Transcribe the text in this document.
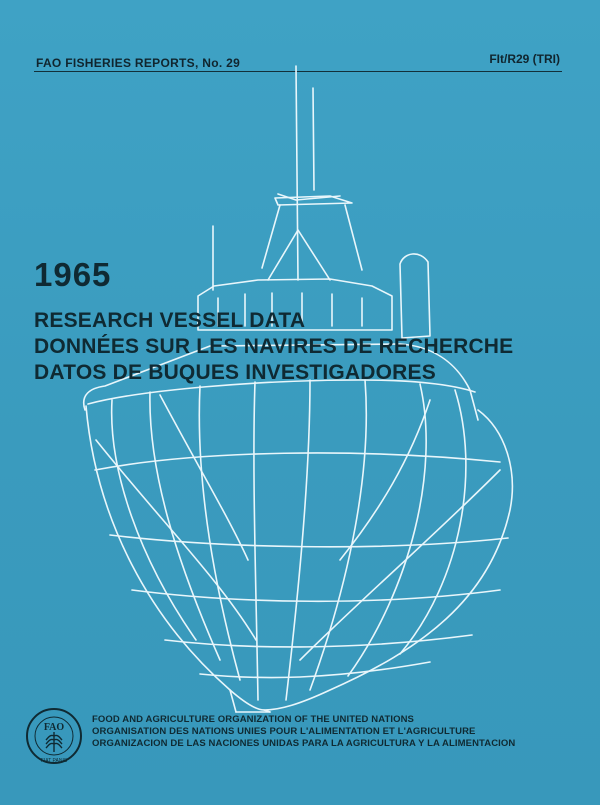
FAO FISHERIES REPORTS, No. 29	FIt/R29 (TRI)
1965
RESEARCH VESSEL DATA
DONNÉES SUR LES NAVIRES DE RECHERCHE
DATOS DE BUQUES INVESTIGADORES
FAO
FIAT PANIS
FOOD AND AGRICULTURE ORGANIZATION OF THE UNITED NATIONS
ORGANISATION DES NATIONS UNIES POUR L'ALIMENTATION ET L'AGRICULTURE
ORGANIZACION DE LAS NACIONES UNIDAS PARA LA AGRICULTURA Y LA ALIMENTACION
